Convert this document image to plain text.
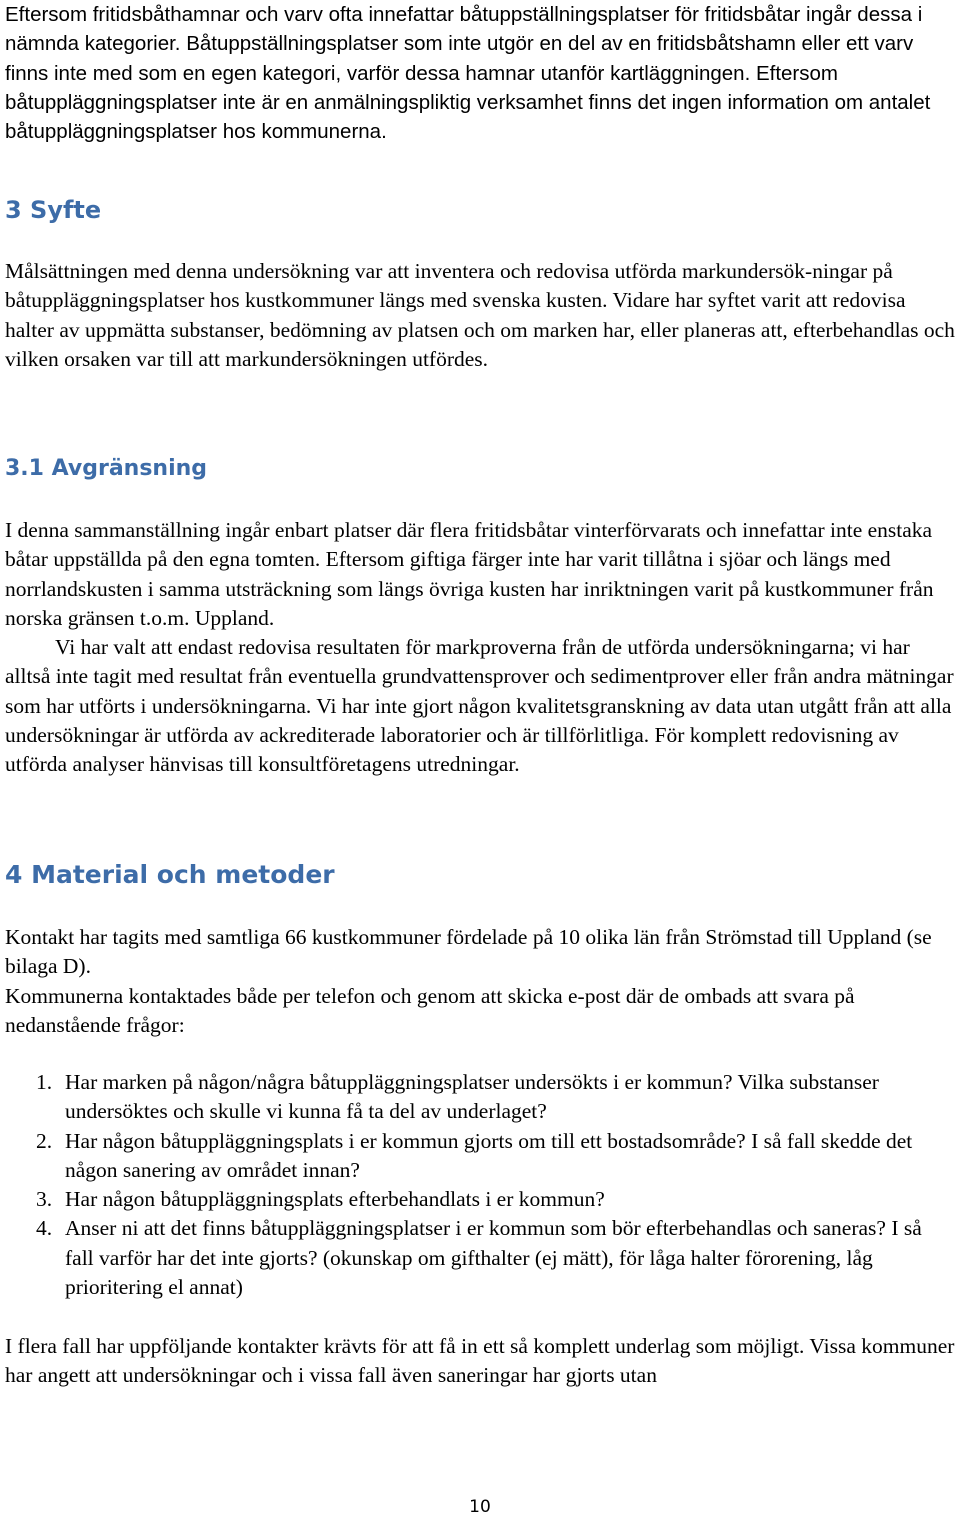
Eftersom fritidsbåthamnar och varv ofta innefattar båtuppställningsplatser för fritidsbåtar ingår dessa i nämnda kategorier. Båtuppställningsplatser som inte utgör en del av en fritidsbåtshamn eller ett varv finns inte med som en egen kategori, varför dessa hamnar utanför kartläggningen. Eftersom båtuppläggningsplatser inte är en anmälningspliktig verksamhet finns det ingen information om antalet båtuppläggningsplatser hos kommunerna.

3 Syfte

Målsättningen med denna undersökning var att inventera och redovisa utförda markundersök-ningar på båtuppläggningsplatser hos kustkommuner längs med svenska kusten. Vidare har syftet varit att redovisa halter av uppmätta substanser, bedömning av platsen och om marken har, eller planeras att, efterbehandlas och vilken orsaken var till att markundersökningen utfördes.

3.1 Avgränsning

I denna sammanställning ingår enbart platser där flera fritidsbåtar vinterförvarats och innefattar inte enstaka båtar uppställda på den egna tomten. Eftersom giftiga färger inte har varit tillåtna i sjöar och längs med norrlandskusten i samma utsträckning som längs övriga kusten har inriktningen varit på kustkommuner från norska gränsen t.o.m. Uppland.

Vi har valt att endast redovisa resultaten för markproverna från de utförda undersökningarna; vi har alltså inte tagit med resultat från eventuella grundvattensprover och sedimentprover eller från andra mätningar som har utförts i undersökningarna. Vi har inte gjort någon kvalitetsgranskning av data utan utgått från att alla undersökningar är utförda av ackrediterade laboratorier och är tillförlitliga. För komplett redovisning av utförda analyser hänvisas till konsultföretagens utredningar.

4 Material och metoder

Kontakt har tagits med samtliga 66 kustkommuner fördelade på 10 olika län från Strömstad till Uppland (se bilaga D).

Kommunerna kontaktades både per telefon och genom att skicka e-post där de ombads att svara på nedanstående frågor:

1. Har marken på någon/några båtuppläggningsplatser undersökts i er kommun? Vilka substanser undersöktes och skulle vi kunna få ta del av underlaget?
2. Har någon båtuppläggningsplats i er kommun gjorts om till ett bostadsområde? I så fall skedde det någon sanering av området innan?
3. Har någon båtuppläggningsplats efterbehandlats i er kommun?
4. Anser ni att det finns båtuppläggningsplatser i er kommun som bör efterbehandlas och saneras? I så fall varför har det inte gjorts? (okunskap om gifthalter (ej mätt), för låga halter förorening, låg prioritering el annat)

I flera fall har uppföljande kontakter krävts för att få in ett så komplett underlag som möjligt. Vissa kommuner har angett att undersökningar och i vissa fall även saneringar har gjorts utan

10
